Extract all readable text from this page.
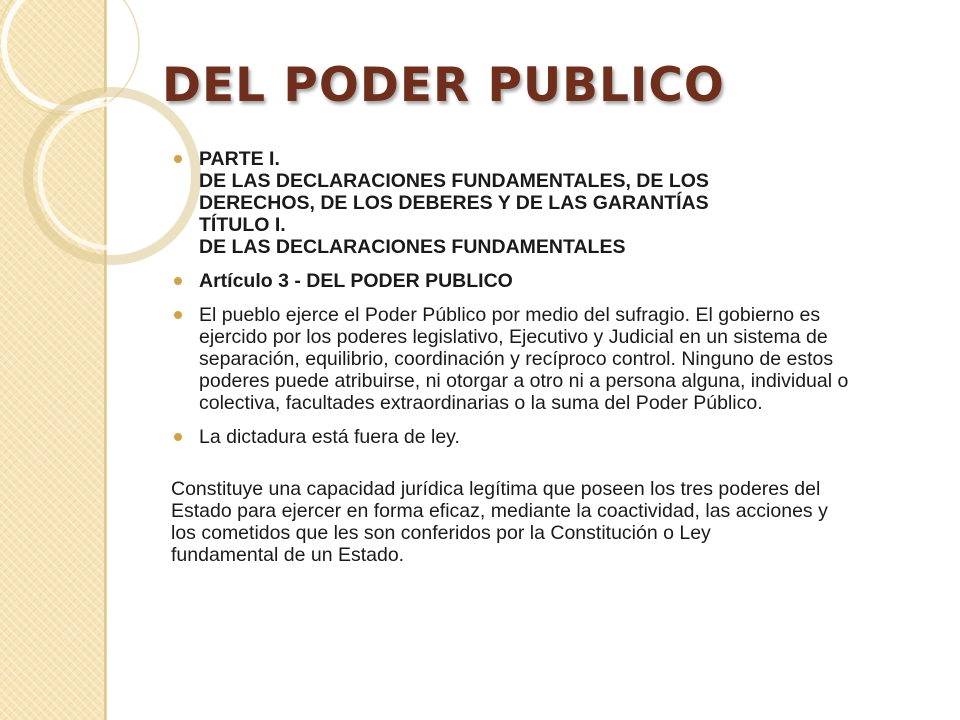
DEL PODER PUBLICO
PARTE I.
DE LAS DECLARACIONES FUNDAMENTALES, DE LOS
DERECHOS, DE LOS DEBERES Y DE LAS GARANTÍAS
TÍTULO I.
DE LAS DECLARACIONES FUNDAMENTALES
Artículo 3 - DEL PODER PUBLICO
El pueblo ejerce el Poder Público por medio del sufragio. El gobierno es
ejercido por los poderes legislativo, Ejecutivo y Judicial en un sistema de
separación, equilibrio, coordinación y recíproco control. Ninguno de estos
poderes puede atribuirse, ni otorgar a otro ni a persona alguna, individual o
colectiva, facultades extraordinarias o la suma del Poder Público.
La dictadura está fuera de ley.
Constituye una capacidad jurídica legítima que poseen los tres poderes del
Estado para ejercer en forma eficaz, mediante la coactividad, las acciones y
los cometidos que les son conferidos por la Constitución o Ley
fundamental de un Estado.
